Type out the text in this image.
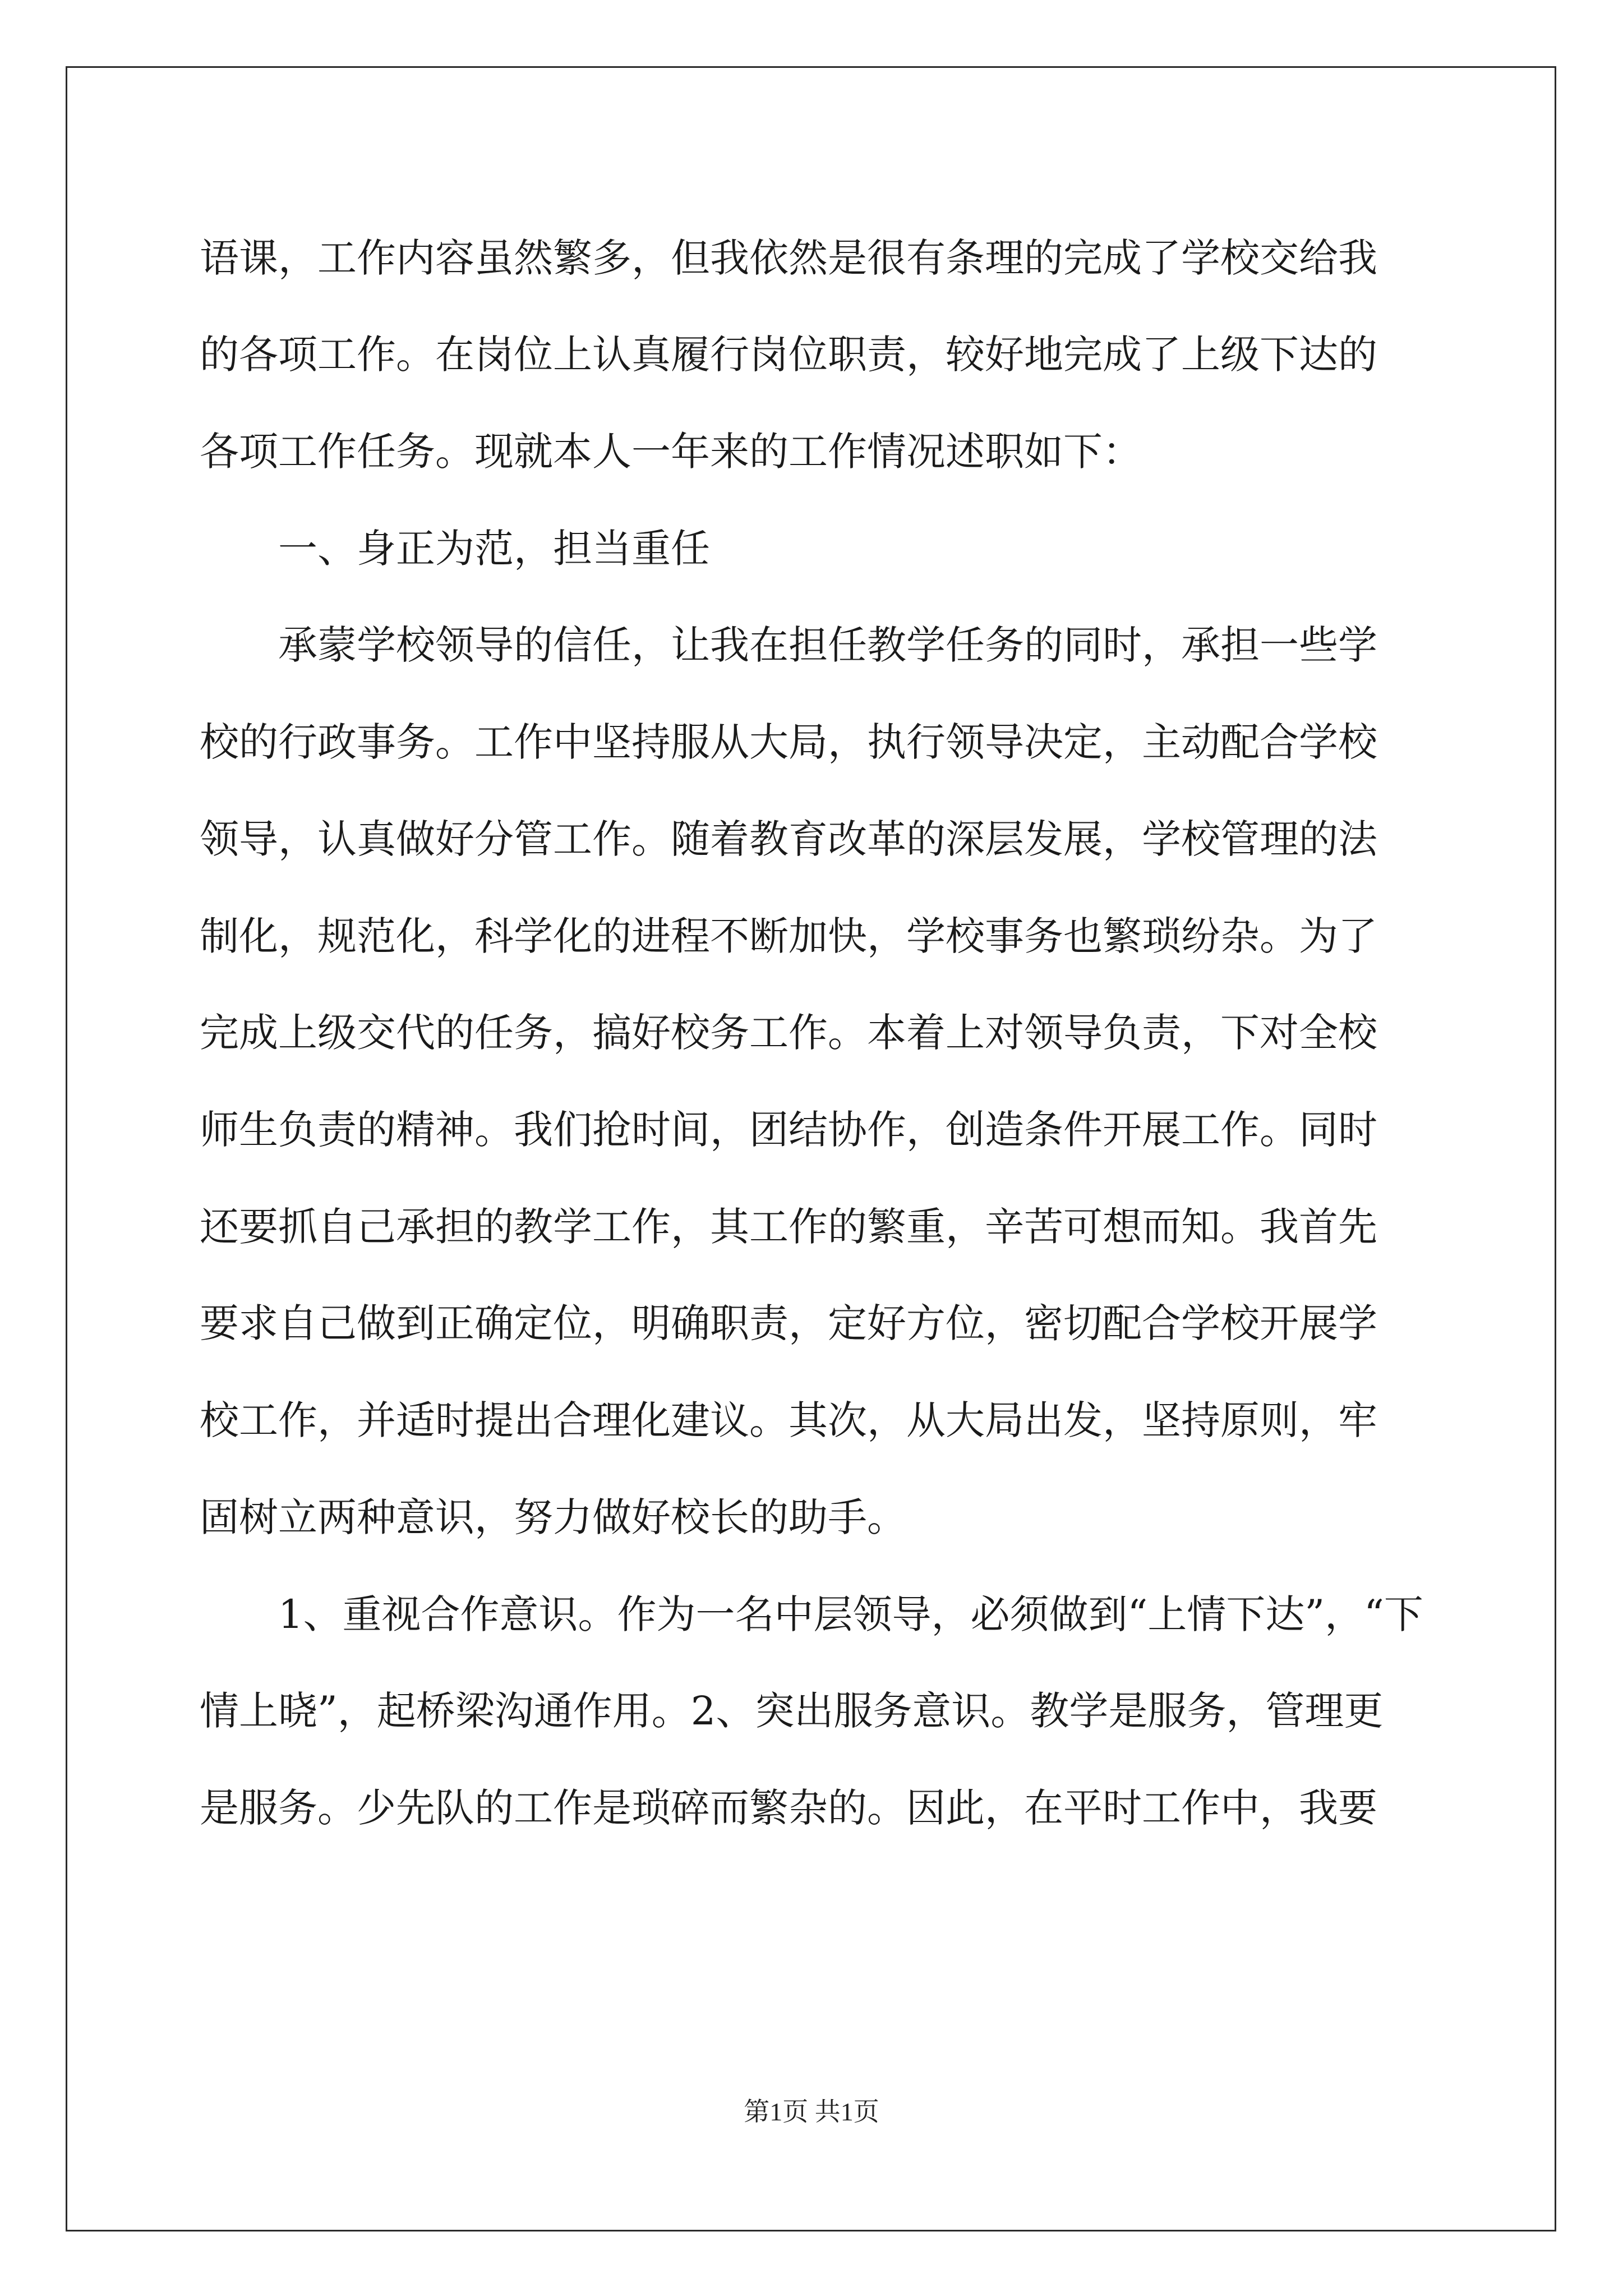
语课，工作内容虽然繁多，但我依然是很有条理的完成了学校交给我
的各项工作。在岗位上认真履行岗位职责，较好地完成了上级下达的
各项工作任务。现就本人一年来的工作情况述职如下：
一、身正为范，担当重任
承蒙学校领导的信任，让我在担任教学任务的同时，承担一些学
校的行政事务。工作中坚持服从大局，执行领导决定，主动配合学校
领导，认真做好分管工作。随着教育改革的深层发展，学校管理的法
制化，规范化，科学化的进程不断加快，学校事务也繁琐纷杂。为了
完成上级交代的任务，搞好校务工作。本着上对领导负责，下对全校
师生负责的精神。我们抢时间，团结协作，创造条件开展工作。同时
还要抓自己承担的教学工作，其工作的繁重，辛苦可想而知。我首先
要求自己做到正确定位，明确职责，定好方位，密切配合学校开展学
校工作，并适时提出合理化建议。其次，从大局出发，坚持原则，牢
固树立两种意识，努力做好校长的助手。
1、重视合作意识。作为一名中层领导，必须做到“上情下达”，“下
情上晓”，起桥梁沟通作用。2、突出服务意识。教学是服务，管理更
是服务。少先队的工作是琐碎而繁杂的。因此，在平时工作中，我要
第1页 共1页
